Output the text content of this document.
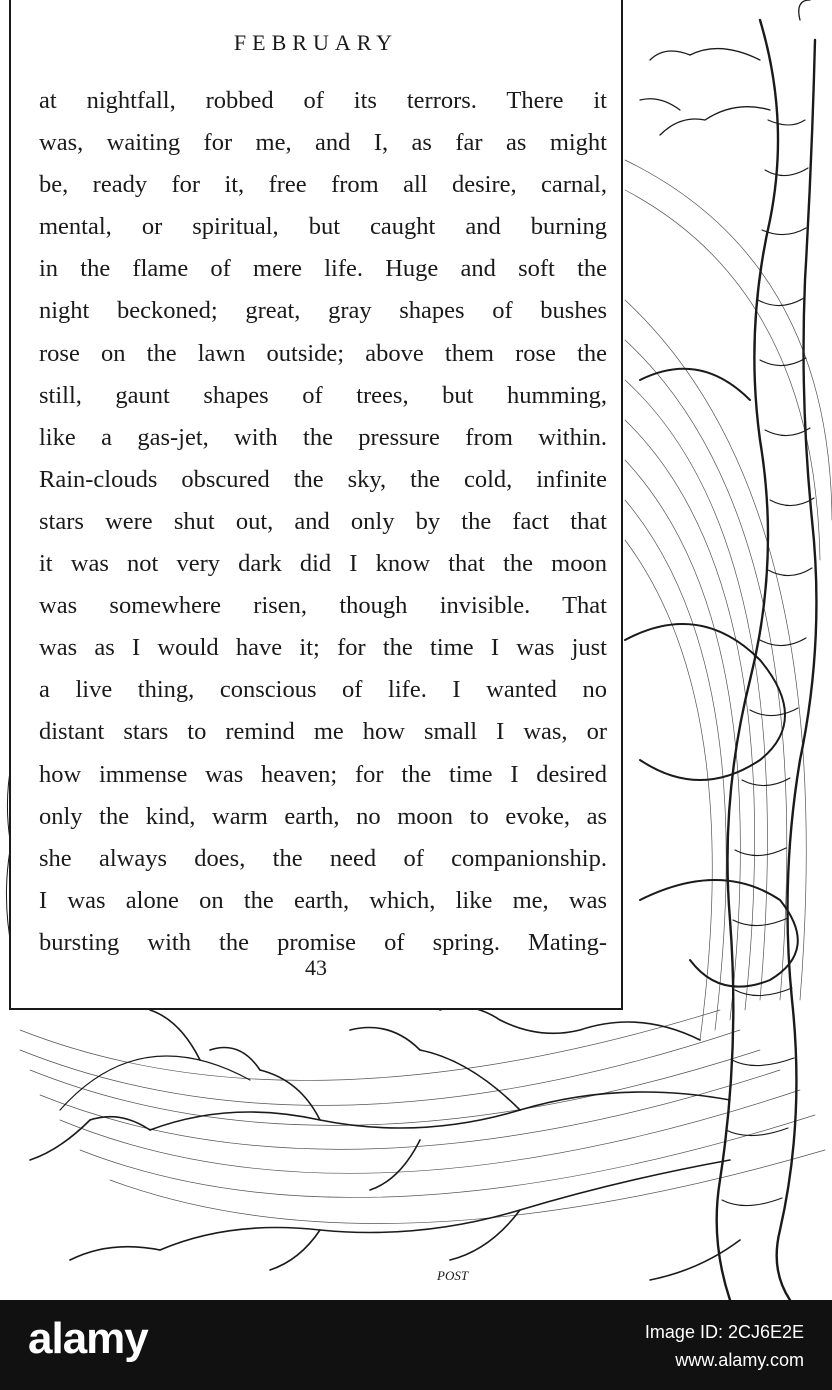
FEBRUARY
at nightfall, robbed of its terrors. There it
was, waiting for me, and I, as far as might
be, ready for it, free from all desire, carnal,
mental, or spiritual, but caught and burning
in the flame of mere life. Huge and soft the
night beckoned; great, gray shapes of bushes
rose on the lawn outside; above them rose the
still, gaunt shapes of trees, but humming,
like a gas-jet, with the pressure from within.
Rain-clouds obscured the sky, the cold, infinite
stars were shut out, and only by the fact that
it was not very dark did I know that the moon
was somewhere risen, though invisible. That
was as I would have it; for the time I was just
a live thing, conscious of life. I wanted no
distant stars to remind me how small I was, or
how immense was heaven; for the time I desired
only the kind, warm earth, no moon to evoke, as
she always does, the need of companionship.
I was alone on the earth, which, like me, was
bursting with the promise of spring. Mating-
43
POST
alamy	Image ID: 2CJ6E2E
www.alamy.com
